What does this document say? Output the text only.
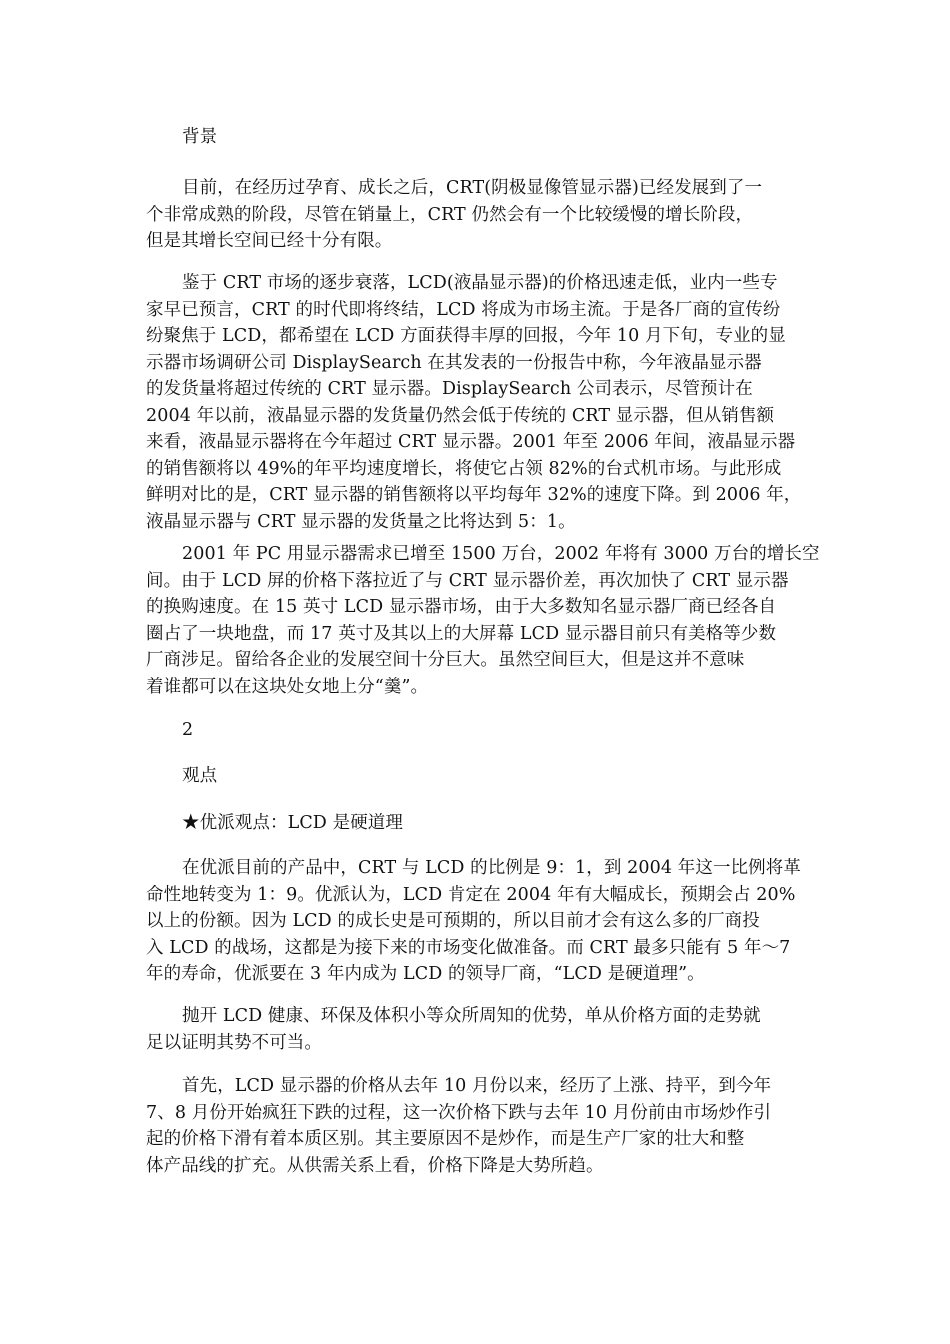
背景
目前，在经历过孕育、成长之后，CRT(阴极显像管显示器)已经发展到了一
个非常成熟的阶段，尽管在销量上，CRT 仍然会有一个比较缓慢的增长阶段，
但是其增长空间已经十分有限。
鉴于 CRT 市场的逐步衰落，LCD(液晶显示器)的价格迅速走低，业内一些专
家早已预言，CRT 的时代即将终结，LCD 将成为市场主流。于是各厂商的宣传纷
纷聚焦于 LCD，都希望在 LCD 方面获得丰厚的回报，今年 10 月下旬，专业的显
示器市场调研公司 DisplaySearch 在其发表的一份报告中称，今年液晶显示器
的发货量将超过传统的 CRT 显示器。DisplaySearch 公司表示，尽管预计在
2004 年以前，液晶显示器的发货量仍然会低于传统的 CRT 显示器，但从销售额
来看，液晶显示器将在今年超过 CRT 显示器。2001 年至 2006 年间，液晶显示器
的销售额将以 49%的年平均速度增长，将使它占领 82%的台式机市场。与此形成
鲜明对比的是，CRT 显示器的销售额将以平均每年 32%的速度下降。到 2006 年，
液晶显示器与 CRT 显示器的发货量之比将达到 5：1。
2001 年 PC 用显示器需求已增至 1500 万台，2002 年将有 3000 万台的增长空
间。由于 LCD 屏的价格下落拉近了与 CRT 显示器价差，再次加快了 CRT 显示器
的换购速度。在 15 英寸 LCD 显示器市场，由于大多数知名显示器厂商已经各自
圈占了一块地盘，而 17 英寸及其以上的大屏幕 LCD 显示器目前只有美格等少数
厂商涉足。留给各企业的发展空间十分巨大。虽然空间巨大，但是这并不意味
着谁都可以在这块处女地上分“羹”。
2
观点
★优派观点：LCD 是硬道理
在优派目前的产品中，CRT 与 LCD 的比例是 9：1，到 2004 年这一比例将革
命性地转变为 1：9。优派认为，LCD 肯定在 2004 年有大幅成长，预期会占 20%
以上的份额。因为 LCD 的成长史是可预期的，所以目前才会有这么多的厂商投
入 LCD 的战场，这都是为接下来的市场变化做准备。而 CRT 最多只能有 5 年～7
年的寿命，优派要在 3 年内成为 LCD 的领导厂商，“LCD 是硬道理”。
抛开 LCD 健康、环保及体积小等众所周知的优势，单从价格方面的走势就
足以证明其势不可当。
首先，LCD 显示器的价格从去年 10 月份以来，经历了上涨、持平，到今年
7、8 月份开始疯狂下跌的过程，这一次价格下跌与去年 10 月份前由市场炒作引
起的价格下滑有着本质区别。其主要原因不是炒作，而是生产厂家的壮大和整
体产品线的扩充。从供需关系上看，价格下降是大势所趋。
